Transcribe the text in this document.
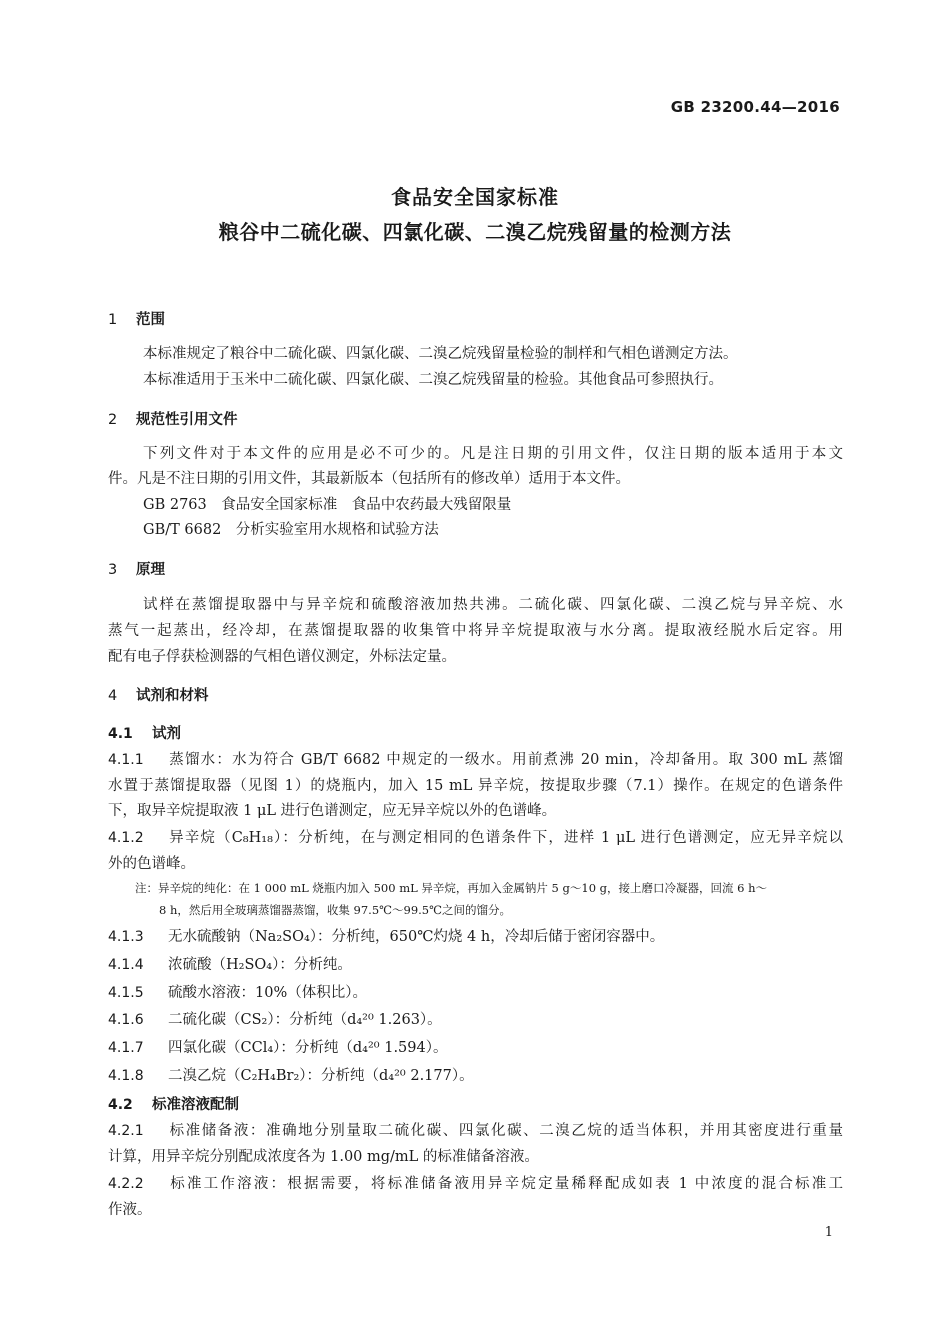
GB 23200.44—2016
食品安全国家标准
粮谷中二硫化碳、四氯化碳、二溴乙烷残留量的检测方法
1 范围
本标准规定了粮谷中二硫化碳、四氯化碳、二溴乙烷残留量检验的制样和气相色谱测定方法。
本标准适用于玉米中二硫化碳、四氯化碳、二溴乙烷残留量的检验。其他食品可参照执行。
2 规范性引用文件
下列文件对于本文件的应用是必不可少的。凡是注日期的引用文件，仅注日期的版本适用于本文
件。凡是不注日期的引用文件，其最新版本（包括所有的修改单）适用于本文件。
GB 2763　食品安全国家标准　食品中农药最大残留限量
GB/T 6682　分析实验室用水规格和试验方法
3 原理
试样在蒸馏提取器中与异辛烷和硫酸溶液加热共沸。二硫化碳、四氯化碳、二溴乙烷与异辛烷、水
蒸气一起蒸出，经冷却，在蒸馏提取器的收集管中将异辛烷提取液与水分离。提取液经脱水后定容。用
配有电子俘获检测器的气相色谱仪测定，外标法定量。
4 试剂和材料
4.1 试剂
4.1.1 蒸馏水：水为符合 GB/T 6682 中规定的一级水。用前煮沸 20 min，冷却备用。取 300 mL 蒸馏
水置于蒸馏提取器（见图 1）的烧瓶内，加入 15 mL 异辛烷，按提取步骤（7.1）操作。在规定的色谱条件
下，取异辛烷提取液 1 μL 进行色谱测定，应无异辛烷以外的色谱峰。
4.1.2 异辛烷（C₈H₁₈）：分析纯，在与测定相同的色谱条件下，进样 1 μL 进行色谱测定，应无异辛烷以
外的色谱峰。
注：异辛烷的纯化：在 1 000 mL 烧瓶内加入 500 mL 异辛烷，再加入金属钠片 5 g～10 g，接上磨口冷凝器，回流 6 h～
8 h，然后用全玻璃蒸馏器蒸馏，收集 97.5℃～99.5℃之间的馏分。
4.1.3 无水硫酸钠（Na₂SO₄）：分析纯，650℃灼烧 4 h，冷却后储于密闭容器中。
4.1.4 浓硫酸（H₂SO₄）：分析纯。
4.1.5 硫酸水溶液：10%（体积比）。
4.1.6 二硫化碳（CS₂）：分析纯（d₄²⁰ 1.263）。
4.1.7 四氯化碳（CCl₄）：分析纯（d₄²⁰ 1.594）。
4.1.8 二溴乙烷（C₂H₄Br₂）：分析纯（d₄²⁰ 2.177）。
4.2 标准溶液配制
4.2.1 标准储备液：准确地分别量取二硫化碳、四氯化碳、二溴乙烷的适当体积，并用其密度进行重量
计算，用异辛烷分别配成浓度各为 1.00 mg/mL 的标准储备溶液。
4.2.2 标准工作溶液：根据需要，将标准储备液用异辛烷定量稀释配成如表 1 中浓度的混合标准工
作液。
1
